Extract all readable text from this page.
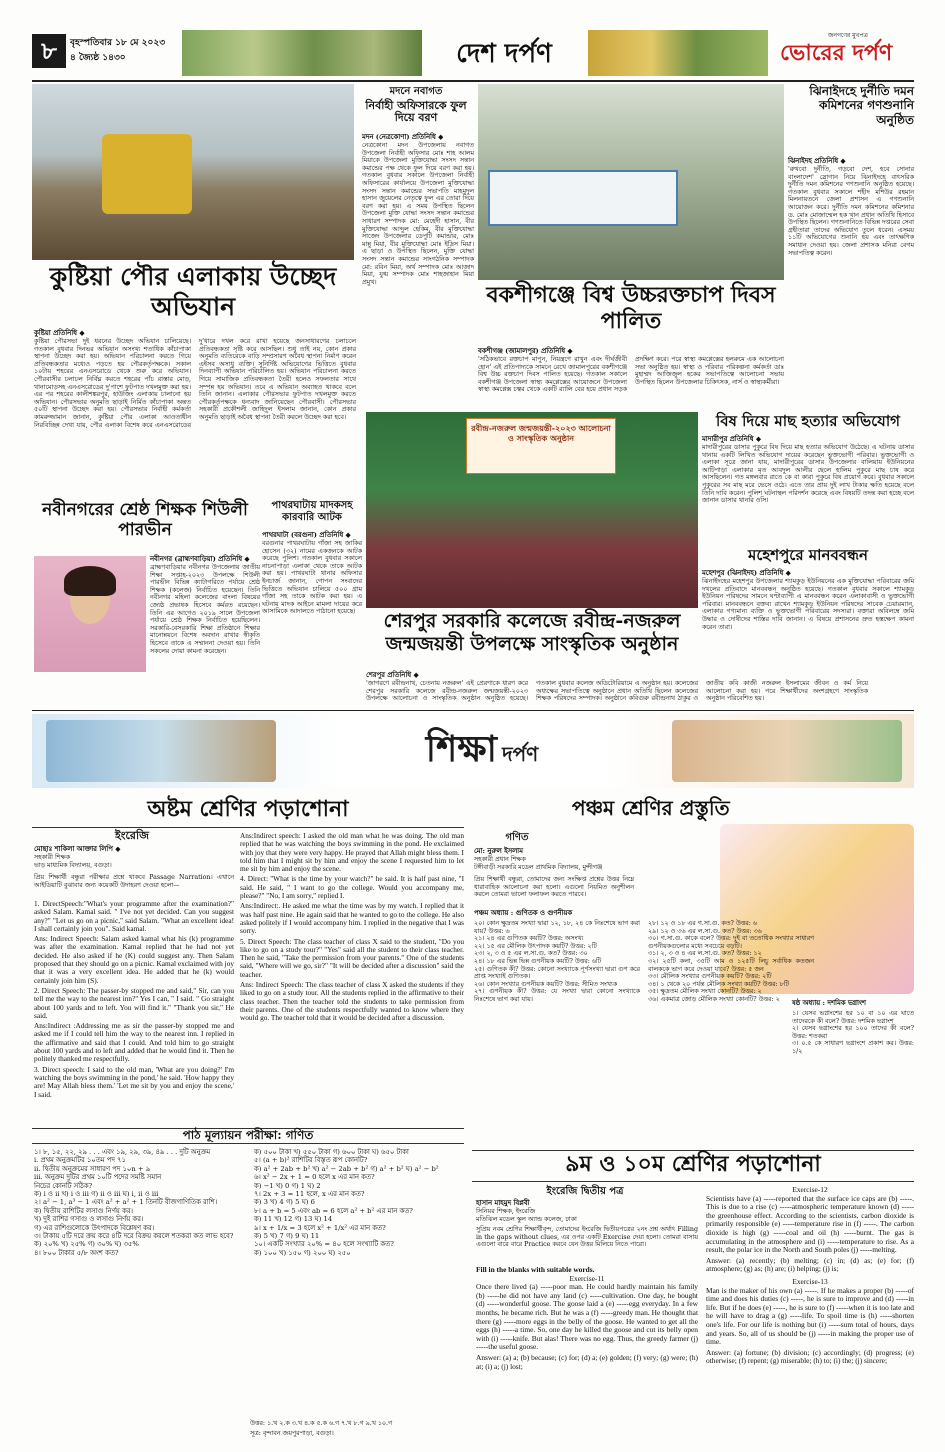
৮	বৃহস্পতিবার ১৮ মে ২০২৩
৪ জ্যৈষ্ঠ ১৪৩০	দেশ দর্পণ
জনগণের মুখপত্র
ভোরের দর্পণ
কুষ্টিয়া পৌর এলাকায় উচ্ছেদ অভিযান
কুষ্টিয়া প্রতিনিধি ◆
কুষ্টিয়া পৌরসভা দুই ধরনের উচ্ছেদ অভিযান চালিয়েছে। গতকাল বুধবার দিনভর অভিযান অসংখ্য শতাধিক কাঁচাপাকা স্থাপনা উচ্ছেদ করা হয়। অভিযান পরিচালনা করতে গিয়ে প্রতিবন্ধকতার মধ্যেও পড়তে হয় পৌরকর্তৃপক্ষকে। সকাল ১০টায় শহরের এনএসরোডে থেকে শুরু করে অভিযান। পৌরবাসীর চলাচল নির্বিঘ্ন করতে শহরের পাঁচ রাস্তার মোড়, থানামোড়সহ এনএসরোডের দু'পাশে ফুটপাত দখলমুক্ত করা হয়। এর পর শহরের কালীশঙ্করপুর, হাউজিং এলাকায় চালানো হয় অভিযান। পৌরসভার অনুমতি ছাড়াই নির্মিত কাঁচাপাকা অন্তত ৫০টি স্থাপনা উচ্ছেদ করা হয়। পৌরসভার নির্বাহী কর্মকর্তা কামরুজ্জামান জানান, কুষ্টিয়া পৌর এলাকা আওতাধীন নিরবিচ্ছিন্ন দেখা যায়, পৌর এলাকা বিশেষ করে এনএসরোডের দু'ধারে দখল করে রাখা হয়েছে জনসাধারণের চলাচলে প্রতিবন্ধকতা সৃষ্টি করে আসছিল। শুধু তাই নয়, কোন প্রকার অনুমতি ব্যতিরেকে বাড়ি সম্প্রসারণ অবৈধ স্থাপনা নির্মাণ করেন এইসব অসাধু ব্যক্তি। সুনির্দিষ্ট অভিযোগের ভিত্তিতে বুধবার দিনব্যাপী অভিযান পরিচালিত হয়। অভিযান পরিচালনা করতে গিয়ে সামাজিক প্রতিবন্ধকতা তৈরী হলেও সফলতার সাথে সম্পন্ন হয় অভিযান। তবে এ অভিযান অব্যাহত থাকবে বলে তিনি জানান। এলাকার পৌরসভার ফুটপাত দখলমুক্ত করতে পৌরকর্তৃপক্ষকে ধন্যবাদ জানিয়েছেন পৌরবাসী। পৌরসভার সহকারী প্রকৌশলী জাহিদুল ইসলাম জানান, কোন প্রকার অনুমতি ছাড়াই অবৈধ স্থাপনা তৈরী করলে উচ্ছেদ করা হবে।
মদনে নবাগত
নির্বাহী অফিসারকে ফুল দিয়ে বরণ
মদন (নেত্রকোণা) প্রতিনিধি ◆
নেত্রকোনা মদন উপজেলায় নবাগত উপজেলা নির্বাহী অফিসার মোঃ শাহ আলম মিয়াকে উপজেলা মুক্তিযোদ্ধা সংসদ সন্তান কমান্ডের পক্ষ থেকে ফুল দিয়ে বরণ করা হয়। গতকাল বুধবার সকালে উপজেলা নির্বাহী অফিসারের কার্যালয়ে উপজেলা মুক্তিযোদ্ধা সংসদ সন্তান কমান্ডের সভাপতি মাহমুদুল হাসান জুয়েলের নেতৃত্বে ফুল এর তোরা দিয়ে বরণ করা হয়। এ সময় উপস্থিত ছিলেন উপজেলা মুক্তি যোদ্ধা সংসদ সন্তান কমান্ডের সাধারণ সম্পাদক মো: মেহেদী হাসান, বীর মুক্তিযোদ্ধা আব্দুল হেকিম, বীর মুক্তিযোদ্ধা সাজেদ উপজেলার ডেপুটি কমান্ডার, মোঃ মান্নু মিয়া, বীর মুক্তিযোদ্ধা মোঃ ইদ্রিস মিয়া। এ ছাড়া ও উপস্থিত ছিলেন, মুক্তি যোদ্ধা সংসদ সন্তান কমান্ডের সাংগঠনিক সম্পাদক মো: রবিন মিয়া, অর্থ সম্পাদক মোঃ আজাদ মিয়া, যুগ্ম সম্পাদক মোঃ শাহজাহান মিয়া প্রমুখ।	বকশীগঞ্জে বিশ্ব উচ্চরক্তচাপ দিবস পালিত
বকশীগঞ্জ (জামালপুর) প্রতিনিধি ◆
'সঠিকভাবে রক্তচাপ মাপুন, নিয়ন্ত্রণে রাখুন এবং দীর্ঘজীবী হোন' এই প্রতিপাদ্যকে সামনে রেখে জামালপুরের বকশীগঞ্জে বিশ্ব উচ্চ রক্তচাপ দিবস পালিত হয়েছে। গতকাল সকালে বকশীগঞ্জ উপজেলা স্বাস্থ্য কমপ্লেক্সের আয়োজনে উপজেলা স্বাস্থ্য কমপ্লেক্স চত্বর থেকে একটি র‍্যালি বের হয়ে প্রধান সড়ক প্রদক্ষিণ করে। পরে স্বাস্থ্য কমপ্লেক্সের হলরুমে এক আলোচনা সভা অনুষ্ঠিত হয়। স্বাস্থ্য ও পরিবার পরিকল্পনা কর্মকর্তা ডাঃ মুহাম্মদ আজিজুল হকের সভাপতিত্বে আলোচনা সভায় উপস্থিত ছিলেন উপজেলার চিকিৎসক, নার্স ও স্বাস্থ্যকর্মীরা।
ঝিনাইদহে দুর্নীতি দমন কমিশনের গণশুনানি অনুষ্ঠিত
ঝিনাইদহ প্রতিনিধি ◆
'রুখবো দুর্নীতি, গড়বো দেশ, হবে সোনার বাংলাদেশ' স্লোগান নিয়ে ঝিনাইদহে বাৎসরিক দুর্নীতি দমন কমিশনের গণশুনানি অনুষ্ঠিত হয়েছে। গতকাল বুধবার সকালে শহীদ মশিউর রহমান মিলনায়তনে জেলা প্রশাসন এ গণশুনানি আয়োজন করে। দুর্নীতি দমন কমিশনের কমিশনার ড. মোঃ মোজাম্মেল হক খান প্রধান অতিথি হিসাবে উপস্থিত ছিলেন। গণশুনানিতে বিভিন্ন দপ্তরের সেবা গ্রহীতারা তাদের অভিযোগ তুলে ধরেন। এসময় ১১টি অভিযোগের শুনানি হয় এবং তাৎক্ষণিক সমাধান দেওয়া হয়। জেলা প্রশাসক মনিরা বেগম সভাপতিত্ব করেন।
বিষ দিয়ে মাছ হত্যার অভিযোগ
মাদারীপুর প্রতিনিধি ◆
মাদারীপুরের ডাসার পুকুরে বিষ দিয়ে মাছ হত্যার অভিযোগ উঠেছে। এ ঘটনায় ডাসার থানায় একটি লিখিত অভিযোগ দায়ের করেছেন ভুক্তভোগী পরিবার। ভুক্তভোগী ও এলাকা সূত্রে জানা যায়, মাদারীপুরের ডাসার উপজেলার বালিয়ায় ইউনিয়নের আটিপাড়া এলাকার মৃত আবদুল আলীর ছেলে হালিম পুকুরে মাছ চাষ করে আসছিলেন। গত মঙ্গলবার রাতে কে বা কারা পুকুরে বিষ প্রয়োগ করে। বুধবার সকালে পুকুরের সব মাছ মরে ভেসে ওঠে। এতে তার প্রায় দুই লাখ টাকার ক্ষতি হয়েছে বলে তিনি দাবি করেন। পুলিশ ঘটনাস্থল পরিদর্শন করেছে এবং বিষয়টি তদন্ত করা হচ্ছে বলে জানান ডাসার থানার ওসি।
মহেশপুরে মানববন্ধন
মহেশপুর (ঝিনাইদহ) প্রতিনিধি ◆
ঝিনাইদহের মহেশপুর উপজেলার শ্যামকুড় ইউনিয়নের এক মুক্তিযোদ্ধা পরিবারের জমি দখলের প্রতিবাদে মানববন্ধন অনুষ্ঠিত হয়েছে। গতকাল বুধবার সকালে শ্যামকুড় ইউনিয়ন পরিষদের সামনে ঘণ্টাব্যাপী এ মানববন্ধন করেন এলাকাবাসী ও ভুক্তভোগী পরিবার। মানববন্ধনে বক্তব্য রাখেন শ্যামকুড় ইউনিয়ন পরিষদের সাবেক চেয়ারম্যান, এলাকার গণ্যমান্য ব্যক্তি ও ভুক্তভোগী পরিবারের সদস্যরা। বক্তারা অবিলম্বে জমি উদ্ধার ও দোষীদের শাস্তির দাবি জানান। এ বিষয়ে প্রশাসনের দ্রুত হস্তক্ষেপ কামনা করেন তারা।
নবীনগরের শ্রেষ্ঠ শিক্ষক শিউলী পারভীন
নবীনগর (ব্রাহ্মণবাড়িয়া) প্রতিনিধি ◆
ব্রাহ্মণবাড়িয়ার নবীনগর উপজেলায় জাতীয় শিক্ষা সপ্তাহ-২০২৩ উপলক্ষে শিউলী পারভীন বিভিন্ন ক্যাটাগরিতে পর্যায়ে শ্রেষ্ঠ শিক্ষক (কলেজ) নির্বাচিত হয়েছেন। তিনি নবীনগর মহিলা কলেজের বাংলা বিষয়ের জ্যেষ্ঠ প্রভাষক হিসেবে কর্মরত রয়েছেন। তিনি এর আগেও ২০১৯ সালে উপজেলা পর্যায়ে শ্রেষ্ঠ শিক্ষক নির্বাচিত হয়েছিলেন। সরকারি-বেসরকারি শিক্ষা প্রতিষ্ঠানে শিক্ষার মানোন্নয়নে বিশেষ অবদান রাখার স্বীকৃতি হিসেবে তাকে এ সম্মাননা দেওয়া হয়। তিনি সকলের দোয়া কামনা করেছেন।
পাথরঘাটায় মাদকসহ কারবারি আটক
পাথরঘাটা (বরগুনা) প্রতিনিধি ◆
বরগুনার পাথরঘাটায় গাঁজা সহ জাকির হোসেন (৩২) নামের একজনকে আটক করেছে পুলিশ। গতকাল বুধবার সকালে নাচনাপাড়া এলাকা থেকে তাকে আটক করা হয়। পাথরঘাটা থানার অফিসার ইনচার্জ জানান, গোপন সংবাদের ভিত্তিতে অভিযান চালিয়ে ৫০০ গ্রাম গাঁজা সহ তাকে আটক করা হয়। এ ঘটনায় মাদক আইনে মামলা দায়ের করে আসামিকে আদালতে পাঠানো হয়েছে।
রবীন্দ্র-নজরুল জন্মজয়ন্তী-২০২৩ আলোচনা ও সাংস্কৃতিক অনুষ্ঠান
শেরপুর সরকারি কলেজে রবীন্দ্র-নজরুল জন্মজয়ন্তী উপলক্ষে সাংস্কৃতিক অনুষ্ঠান
শেরপুর প্রতিনিধি ◆
'জাগরণে রবীন্দ্রনাথ, চেতনায় নজরুল' এই প্রেরণাকে ধারণ করে শেরপুর সরকারি কলেজে রবীন্দ্র-নজরুল জন্মজয়ন্তী-২০২৩ উপলক্ষে আলোচনা ও সাংস্কৃতিক অনুষ্ঠান অনুষ্ঠিত হয়েছে। গতকাল বুধবার কলেজ অডিটোরিয়ামে এ অনুষ্ঠান হয়। কলেজের অধ্যক্ষের সভাপতিত্বে অনুষ্ঠানে প্রধান অতিথি ছিলেন কলেজের শিক্ষক পরিষদের সম্পাদক। অনুষ্ঠানে কবিগুরু রবীন্দ্রনাথ ঠাকুর ও জাতীয় কবি কাজী নজরুল ইসলামের জীবন ও কর্ম নিয়ে আলোচনা করা হয়। পরে শিক্ষার্থীদের অংশগ্রহণে সাংস্কৃতিক অনুষ্ঠান পরিবেশিত হয়।
শিক্ষা দর্পণ
অষ্টম শ্রেণির পড়াশোনা
ইংরেজি
মোছাঃ শাকিলা আক্তার লিপি ◆
সহকারী শিক্ষক
ভাড় মাধ্যমিক বিদ্যালয়, বগুড়া।
প্রিয় শিক্ষার্থী বন্ধুরা পরীক্ষার প্রশ্নে থাকবে Passage Narration। এখানে আইডিয়াটি বুঝাবার জন্য কয়েকটি উদাহরণ দেওয়া হলো—

1. DirectSpeech:"What's your programme after the examination?" asked Salam. Kamal said. " I've not yet decided. Can you suggest any?" "Let us go on a picnic," said Salam. "What an excellent idea! I shall certainly join you". Said kamal.

Ans: Indirect Speech: Salam asked kamal what his (k) programme was after the examination. Kamal replied that he had not yet decided. He also asked if he (K) could suggest any. Then Salam proposed that they should go on a picnic. Kamal exclaimed with joy that it was a very excellent idea. He added that he (k) would certainly join him (S).

2. Direct Speech: The passer-by stopped me and said," Sir, can you tell me the way to the nearest inn?" Yes I can, " I said. " Go straight about 100 yards and to left. You will find it." "Thank you sir," He said.

Ans:Indirect :Addressing me as sir the passer-by stopped me and asked me if I could tell him the way to the nearest inn. I replied in the affirmative and said that I could. And told him to go straight about 100 yards and to left and added that he would find it. Then he politely thanked me respectfully.

3. Direct speech: I said to the old man, 'What are you doing?' I'm watching the boys swimming in the pond,' he said. 'How happy they are! May Allah bless them.' 'Let me sit by you and enjoy the scene,' I said.

Ans:Indirect speech: I asked the old man what he was doing. The old man replied that he was watching the boys swimming in the pond. He exclaimed with joy that they were very happy. He prayed that Allah might bless them. I told him that I might sit by him and enjoy the scene I requested him to let me sit by him and enjoy the scene.

4. Direct: "What is the time by your watch?" he said. It is half past nine, "I said. He said, " I want to go the college. Would you accompany me, please?" "No, I am sorry," replied I.

Ans:Indirect:. He asked me what the time was by my watch. I replied that it was half past nine. He again said that he wanted to go to the college. He also asked politely if I would accompany him. I replied in the negative that I was sorry.

5. Direct Speech: The class teacher of class X said to the student, "Do you like to go on a study tour?" "Yes" said all the student to their class teacher. Then he said, "Take the permission from your parents." One of the students said, "Where will we go, sir?" "It will be decided after a discussion" said the teacher.

Ans: Indirect Speech: The class teacher of class X asked the students if they liked to go on a study tour. All the students replied in the affirmative to their class teacher. Then the teacher told the students to take permission from their parents. One of the students respectfully wanted to know where they would go. The teacher told that it would be decided after a discussion.

পাঠ মূল্যায়ন পরীক্ষা: গণিত
১। ৮, ১৫, ২২, ২৯ . . . এবং ১৯, ২৯, ৩৯, ৪৯ . . . দুটি অনুক্রম
i. প্রথম অনুক্রমটির ১০তম পদ ৭১
ii. দ্বিতীয় অনুক্রমের সাধারণ পদ ১০n + ৯
iii. অনুক্রম দুটির প্রথম ১০টি পদের সমষ্টি সমান
নিচের কোনটি সঠিক?
ক) i ও ii খ) i ও iii গ) ii ও iii ঘ) i, ii ও iii
২। a² − 1, a³ − 1 এবং a² + a² + 1 তিনটি বীজগাণিতিক রাশি।
ক) দ্বিতীয় রাশিটির লসাগু নির্ণয় কর।
খ) দুই রাশির গসাগু ও লসাগু নির্ণয় কর।
গ) এর রাশিগুলোকে উৎপাদকে বিশ্লেষণ কর।
৩। টাকায় ৫টি দরে ক্রয় করে ৪টি দরে বিক্রয় করলে শতকরা কত লাভ হবে?
ক) ২০% খ) ২৫% গ) ৩০% ঘ) ৩৫%
৪। ৮০০ টাকার ৫/৮ অংশ কত?
ক) ৫০০ টাকা খ) ৫৫০ টাকা গ) ৬০০ টাকা ঘ) ৬৫০ টাকা
৫। (a + b)² রাশিটির বিস্তৃত রূপ কোনটি?
ক) a² + 2ab + b² খ) a² − 2ab + b² গ) a² + b² ঘ) a² − b²
৬। x² − 2x + 1 = 0 হলে x এর মান কত?
ক) −1 খ) 0 গ) 1 ঘ) 2
৭। 2x + 3 = 11 হলে, x এর মান কত?
ক) 3 খ) 4 গ) 5 ঘ) 6
৮। a + b = 5 এবং ab = 6 হলে a² + b² এর মান কত?
ক) 11 খ) 12 গ) 13 ঘ) 14
৯। x + 1/x = 3 হলে x² + 1/x² এর মান কত?
ক) 5 খ) 7 গ) 9 ঘ) 11
১০। একটি সংখ্যার ২০% = ৪০ হলে সংখ্যাটি কত?
ক) ১০০ খ) ১৫০ গ) ২০০ ঘ) ২৫০
উত্তর: ১.খ ২.ক ৩.খ ৪.ক ৫.ক ৬.গ ৭.খ ৮.গ ৯.খ ১০.গ
সূত্র: বৃন্দাবন জয়পুরপাড়া, বগুড়া।
পঞ্চম শ্রেণির প্রস্তুতি
গণিত
মো: নুরুল ইসলাম
সহকারী প্রধান শিক্ষক
টঙ্গীবাড়ী সরকারি মডেল প্রাথমিক বিদ্যালয়, মুন্সীগঞ্জ
প্রিয় শিক্ষার্থী বন্ধুরা, তোমাদের জন্য সংক্ষিপ্ত প্রশ্নের উত্তর নিম্নে ধারাবাহিক আলোচনা করা হলো। এগুলো নিয়মিত অনুশীলন করলে তোমরা ভালো ফলাফল করতে পারবে।
পঞ্চম অধ্যায় : গুণিতক ও গুণনীয়ক
২০। কোন ক্ষুদ্রতম সংখ্যা দ্বারা ১২, ১৮, ২৪ কে নিঃশেষে ভাগ করা যায়? উত্তর: ৬
২১। ২৪ এর গুণিতক কয়টি? উত্তর: অসংখ্য
২২। ১৫ এর মৌলিক উৎপাদক কয়টি? উত্তর: ২টি
২৩। ২, ৩ ও ৫ এর ল.সা.গু. কত? উত্তর: ৩০
২৪। ১৮ এর ভিন্ন ভিন্ন গুণনীয়ক কয়টি? উত্তর: ৬টি
২৫। গুণিতক কী? উত্তর: কোনো সংখ্যাকে পূর্ণসংখ্যা দ্বারা গুণ করে প্রাপ্ত সংখ্যাই গুণিতক।
২৬। কোন সংখ্যার গুণনীয়ক কয়টি? উত্তর: সীমিত সংখ্যক
২৭। গুণনীয়ক কী? উত্তর: যে সংখ্যা দ্বারা কোনো সংখ্যাকে নিঃশেষে ভাগ করা যায়।
২৮। ১২ ও ১৮ এর গ.সা.গু. কত? উত্তর: ৬
২৯। ১২ ও ৩৬ এর ল.সা.গু. কত? উত্তর: ৩৬
৩০। গ.সা.গু. কাকে বলে? উত্তর: দুই বা ততোধিক সংখ্যার সাধারণ গুণনীয়কগুলোর মধ্যে সবচেয়ে বড়টি।
৩১। ২, ৩ ও ৪ এর ল.সা.গু. কত? উত্তর: ১২
৩২। ২৫টি কলা, ৩৫টি আম ও ১২৫টি লিচু সর্বাধিক কতজন বালককে ভাগ করে দেওয়া যাবে? উত্তর: ৫ জন
৩৩। মৌলিক সংখ্যার গুণনীয়ক কয়টি? উত্তর: ২টি
৩৪। ১ থেকে ২০ পর্যন্ত মৌলিক সংখ্যা কয়টি? উত্তর: ৮টি
৩৫। ক্ষুদ্রতম মৌলিক সংখ্যা কোনটি? উত্তর: ২
৩৬। একমাত্র জোড় মৌলিক সংখ্যা কোনটি? উত্তর: ২	ষষ্ঠ অধ্যায় : দশমিক ভগ্নাংশ
১। যেসব ভগ্নাংশের হর ১০ বা ১০ এর ঘাতে তাদেরকে কী বলে? উত্তর: দশমিক ভগ্নাংশ
২। যেসব ভগ্নাংশের হর ১০০ তাদের কী বলে? উত্তর: শতকরা
৩। ০.৫ কে সাধারণ ভগ্নাংশে প্রকাশ কর। উত্তর: ১/২
৯ম ও ১০ম শ্রেণির পড়াশোনা
ইংরেজি দ্বিতীয় পত্র
হাসান মাহমুদ বিপ্লবী
সিনিয়র শিক্ষক, ইংরেজি
মতিঝিল মডেল স্কুল অ্যান্ড কলেজ, ঢাকা
সুপ্রিয় নবম শ্রেণির শিক্ষার্থীবৃন্দ, তোমাদের ইংরেজি দ্বিতীয়পত্রের ২নং প্রশ্ন অর্থাৎ Filling in the gaps without clues, এর ওপর একটি Exercise দেয়া হলো। তোমরা বাসায় এগুলো বারে বারে Practice করবে যেন উত্তর মিলিয়ে নিতে পারো।
Fill in the blanks with suitable words.
Exercise-11

Once there lived (a) -----poor man. He could hardly maintain his family (b) -----he did not have any land (c) -----cultivation. One day, he bought (d) -----wonderful goose. The goose laid a (e) -----egg everyday. In a few months, he became rich. But he was a (f) -----greedy man. He thought that there (g) -----more eggs in the belly of the goose. He wanted to get all the eggs (h) -----a time. So, one day he killed the goose and cut its belly open with (i) -----knife. But alas! There was no egg. Thus, the greedy farmer (j) -----the useful goose.

Answer: (a) a; (b) because; (c) for; (d) a; (e) golden; (f) very; (g) were; (h) at; (i) a; (j) lost;

Exercise-12

Scientists have (a) -----reported that the surface ice caps are (b) -----. This is due to a rise (c) -----atmospheric temperature known (d) -----the greenhouse effect. According to the scientists, carbon dioxide is primarily responsible (e) -----temperature rise in (f) -----. The carbon dioxide is high (g) -----coal and oil (h) -----burnt. The gas is accumulating in the atmosphere and (i) -----temperature to rise. As a result, the polar ice in the North and South poles (j) -----melting.

Answer: (a) recently; (b) melting; (c) in; (d) as; (e) for; (f) atmosphere; (g) as; (h) are; (i) helping; (j) is;

Exercise-13

Man is the maker of his own (a) -----. If he makes a proper (b) -----of time and does his duties (c) -----, he is sure to improve and (d) -----in life. But if he does (e) -----, he is sure to (f) -----when it is too late and he will have to drag a (g) -----life. To spoil time is (h) -----shorten one's life. For our life is nothing but (i) -----sum total of hours, days and years. So, all of us should be (j) -----in making the proper use of time.

Answer: (a) fortune; (b) division; (c) accordingly; (d) progress; (e) otherwise; (f) repent; (g) miserable; (h) to; (i) the; (j) sincere;
